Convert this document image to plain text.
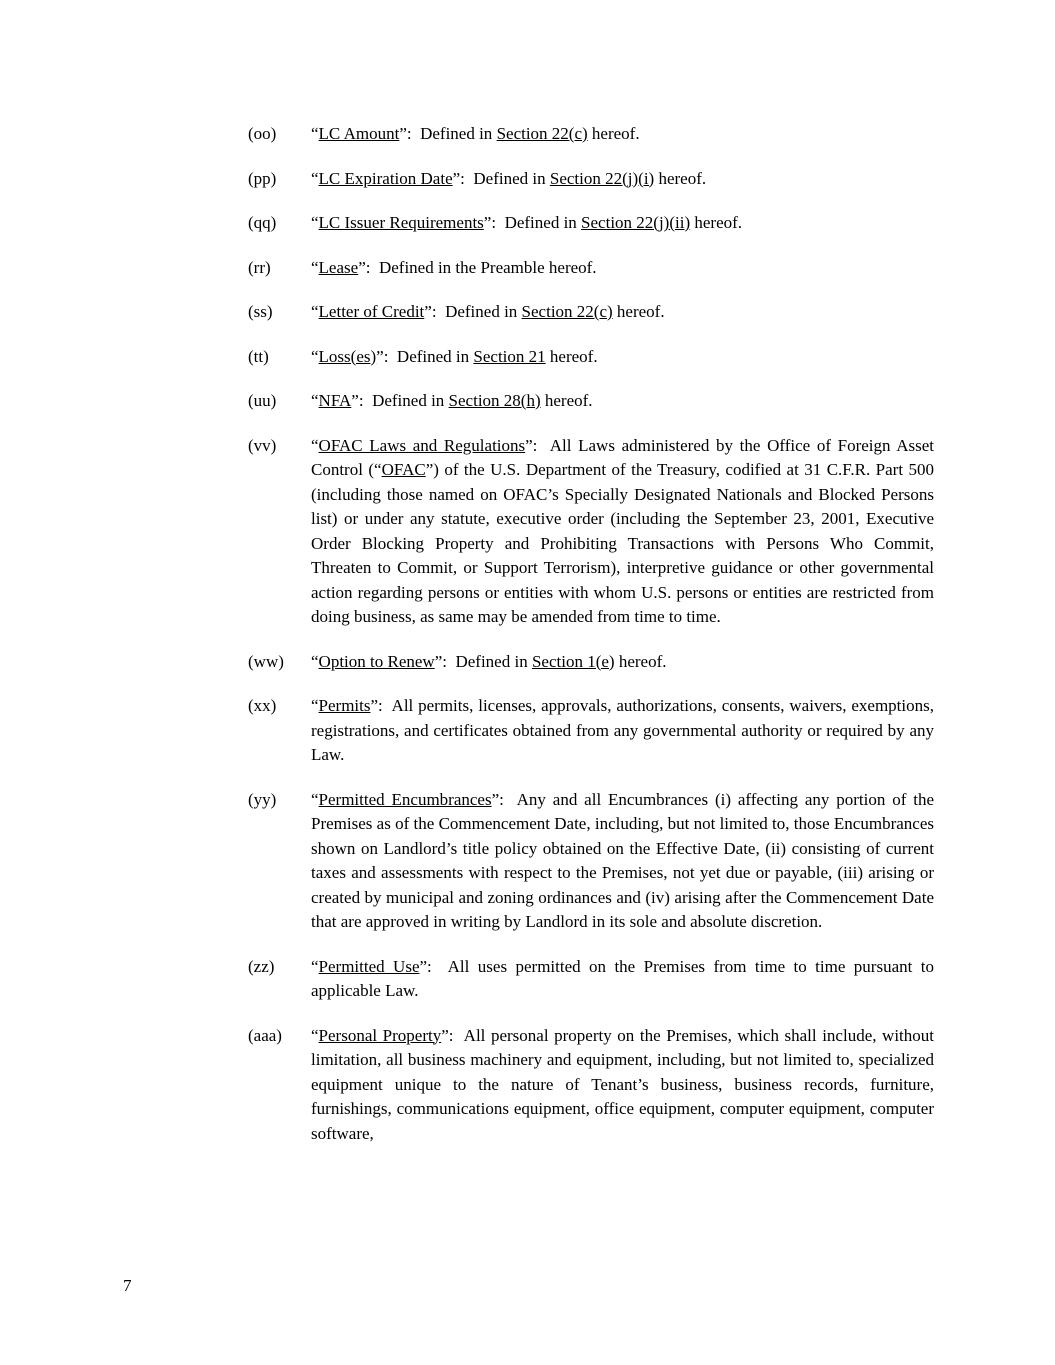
(oo)	“LC Amount”:  Defined in Section 22(c) hereof.
(pp)	“LC Expiration Date”:  Defined in Section 22(j)(i) hereof.
(qq)	“LC Issuer Requirements”:  Defined in Section 22(j)(ii) hereof.
(rr)	“Lease”:  Defined in the Preamble hereof.
(ss)	“Letter of Credit”:  Defined in Section 22(c) hereof.
(tt)	“Loss(es)”:  Defined in Section 21 hereof.
(uu)	“NFA”:  Defined in Section 28(h) hereof.
(vv)	“OFAC Laws and Regulations”:  All Laws administered by the Office of Foreign Asset Control (“OFAC”) of the U.S. Department of the Treasury, codified at 31 C.F.R. Part 500 (including those named on OFAC’s Specially Designated Nationals and Blocked Persons list) or under any statute, executive order (including the September 23, 2001, Executive Order Blocking Property and Prohibiting Transactions with Persons Who Commit, Threaten to Commit, or Support Terrorism), interpretive guidance or other governmental action regarding persons or entities with whom U.S. persons or entities are restricted from doing business, as same may be amended from time to time.
(ww)	“Option to Renew”:  Defined in Section 1(e) hereof.
(xx)	“Permits”:  All permits, licenses, approvals, authorizations, consents, waivers, exemptions, registrations, and certificates obtained from any governmental authority or required by any Law.
(yy)	“Permitted Encumbrances”:  Any and all Encumbrances (i) affecting any portion of the Premises as of the Commencement Date, including, but not limited to, those Encumbrances shown on Landlord’s title policy obtained on the Effective Date, (ii) consisting of current taxes and assessments with respect to the Premises, not yet due or payable, (iii) arising or created by municipal and zoning ordinances and (iv) arising after the Commencement Date that are approved in writing by Landlord in its sole and absolute discretion.
(zz)	“Permitted Use”:  All uses permitted on the Premises from time to time pursuant to applicable Law.
(aaa)	“Personal Property”:  All personal property on the Premises, which shall include, without limitation, all business machinery and equipment, including, but not limited to, specialized equipment unique to the nature of Tenant’s business, business records, furniture, furnishings, communications equipment, office equipment, computer equipment, computer software,
7
